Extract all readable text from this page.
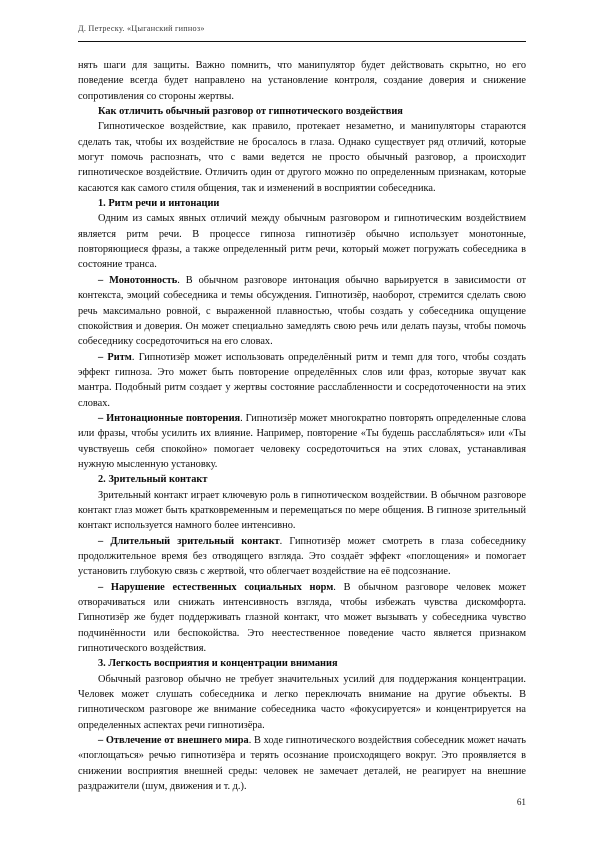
Д. Петреску. «Цыганский гипноз»

нять шаги для защиты. Важно помнить, что манипулятор будет действовать скрытно, но его поведение всегда будет направлено на установление контроля, создание доверия и снижение сопротивления со стороны жертвы.

Как отличить обычный разговор от гипнотического воздействия

Гипнотическое воздействие, как правило, протекает незаметно, и манипуляторы стараются сделать так, чтобы их воздействие не бросалось в глаза. Однако существует ряд отличий, которые могут помочь распознать, что с вами ведется не просто обычный разговор, а происходит гипнотическое воздействие. Отличить один от другого можно по определенным признакам, которые касаются как самого стиля общения, так и изменений в восприятии собеседника.

1. Ритм речи и интонации

Одним из самых явных отличий между обычным разговором и гипнотическим воздействием является ритм речи. В процессе гипноза гипнотизёр обычно использует монотонные, повторяющиеся фразы, а также определенный ритм речи, который может погружать собеседника в состояние транса.

– Монотонность. В обычном разговоре интонация обычно варьируется в зависимости от контекста, эмоций собеседника и темы обсуждения. Гипнотизёр, наоборот, стремится сделать свою речь максимально ровной, с выраженной плавностью, чтобы создать у собеседника ощущение спокойствия и доверия. Он может специально замедлять свою речь или делать паузы, чтобы помочь собеседнику сосредоточиться на его словах.

– Ритм. Гипнотизёр может использовать определённый ритм и темп для того, чтобы создать эффект гипноза. Это может быть повторение определённых слов или фраз, которые звучат как мантра. Подобный ритм создает у жертвы состояние расслабленности и сосредоточенности на этих словах.

– Интонационные повторения. Гипнотизёр может многократно повторять определенные слова или фразы, чтобы усилить их влияние. Например, повторение «Ты будешь расслабляться» или «Ты чувствуешь себя спокойно» помогает человеку сосредоточиться на этих словах, устанавливая нужную мысленную установку.

2. Зрительный контакт

Зрительный контакт играет ключевую роль в гипнотическом воздействии. В обычном разговоре контакт глаз может быть кратковременным и перемещаться по мере общения. В гипнозе зрительный контакт используется намного более интенсивно.

– Длительный зрительный контакт. Гипнотизёр может смотреть в глаза собеседнику продолжительное время без отводящего взгляда. Это создаёт эффект «поглощения» и помогает установить глубокую связь с жертвой, что облегчает воздействие на её подсознание.

– Нарушение естественных социальных норм. В обычном разговоре человек может отворачиваться или снижать интенсивность взгляда, чтобы избежать чувства дискомфорта. Гипнотизёр же будет поддерживать глазной контакт, что может вызывать у собеседника чувство подчинённости или беспокойства. Это неестественное поведение часто является признаком гипнотического воздействия.

3. Легкость восприятия и концентрации внимания

Обычный разговор обычно не требует значительных усилий для поддержания концентрации. Человек может слушать собеседника и легко переключать внимание на другие объекты. В гипнотическом разговоре же внимание собеседника часто «фокусируется» и концентрируется на определенных аспектах речи гипнотизёра.

– Отвлечение от внешнего мира. В ходе гипнотического воздействия собеседник может начать «поглощаться» речью гипнотизёра и терять осознание происходящего вокруг. Это проявляется в снижении восприятия внешней среды: человек не замечает деталей, не реагирует на внешние раздражители (шум, движения и т. д.).

61
